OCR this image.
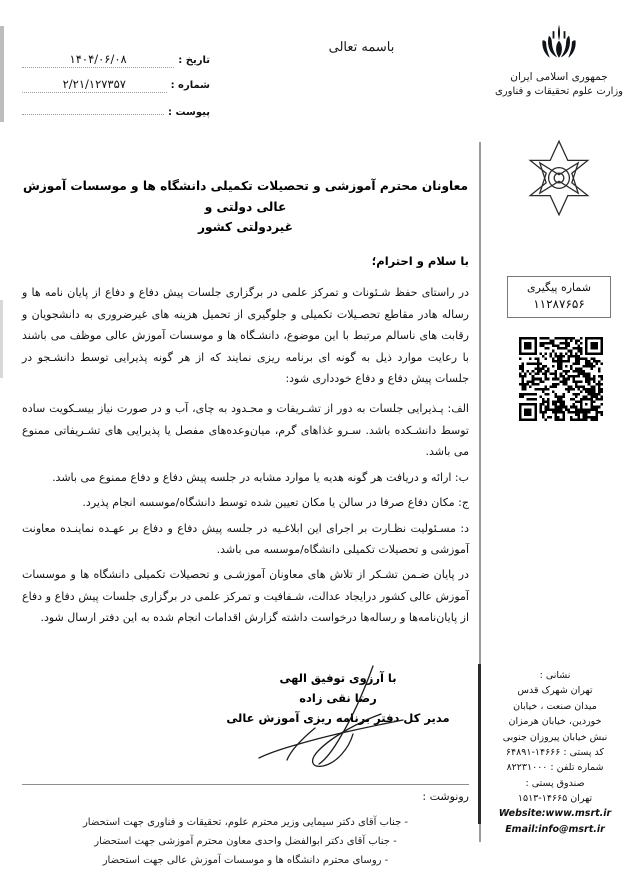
تاریخ :
۱۴۰۴/۰۶/۰۸
شماره :
۲/۲۱/۱۲۷۳۵۷
پیوست :
باسمه تعالی
جمهوری اسلامی ایران
وزارت علوم تحقیقات و فناوری
شماره پیگیری
۱۱۲۸۷۶۵۶
نشانی :
تهران شهرک قدس
میدان صنعت ، خیابان
خوردین، خیابان هرمزان
نبش خیابان پیروزان جنوبی
کد پستی : ۱۴۶۶۶-۶۴۸۹۱
شماره تلفن : ۸۲۲۳۱۰۰۰
صندوق پستی :
تهران ۱۴۶۶۵-۱۵۱۳
Website:www.msrt.ir
Email:info@msrt.ir
معاونان محترم آموزشی و تحصیلات تکمیلی دانشگاه ها و موسسات آموزش عالی دولتی و
غیردولتی کشور
با سلام و احترام؛

در راستای حفظ شـئونات و تمرکز علمی در برگزاری جلسات پیش دفاع و دفاع از پایان نامه ها و رساله هادر مقاطع تحصـیلات تکمیلی و جلوگیری از تحمیل هزینه های غیرضروری به دانشجویان و رقابت های ناسالم مرتبط با این موضوع، دانشـگاه ها و موسسات آموزش عالی موظف می باشند با رعایت موارد ذیل به گونه ای برنامه ریزی نمایند که از هر گونه پذیرایی توسط دانشـجو در جلسات پیش دفاع و دفاع خودداری شود:

الف: پـذیرایی جلسات به دور از تشـریفات و محـدود به چای، آب و در صورت نیاز بیسـکویت ساده توسط دانشـکده باشد. سـرو غذاهای گرم، میان‌وعده‌های مفصل یا پذیرایی های تشـریفاتی ممنوع می باشد.

ب: ارائه و دریافت هر گونه هدیه یا موارد مشابه در جلسه پیش دفاع و دفاع ممنوع می باشد.

ج: مکان دفاع صرفا در سالن یا مکان تعیین شده توسط دانشگاه/موسسه انجام پذیرد.

د: مسـئولیت نظـارت بر اجرای این ابلاغـیه در جلسه پیش دفاع و دفاع بر عهـده نماینـده معاونت آموزشی و تحصیلات تکمیلی دانشگاه/موسسه می باشد.

در پایان ضـمن تشـکر از تلاش های معاونان آموزشـی و تحصیلات تکمیلی دانشگاه ها و موسسات آموزش عالی کشور درایجاد عدالت، شـفافیت و تمرکز علمی در برگزاری جلسات پیش دفاع و دفاع از پایان‌نامه‌ها و رساله‌ها درخواست داشته گزارش اقدامات انجام شده به این دفتر ارسال شود.

با آرزوی توفیق الهی
رضا نقی زاده
مدیر کل دفتر برنامه ریزی آموزش عالی
رونوشت :
- جناب آقای دکتر سیمایی وزیر محترم علوم، تحقیقات و فناوری جهت استحضار
- جناب آقای دکتر ابوالفضل واحدی معاون محترم آموزشی جهت استحضار
- روسای محترم دانشگاه ها و موسسات آموزش عالی جهت استحضار
